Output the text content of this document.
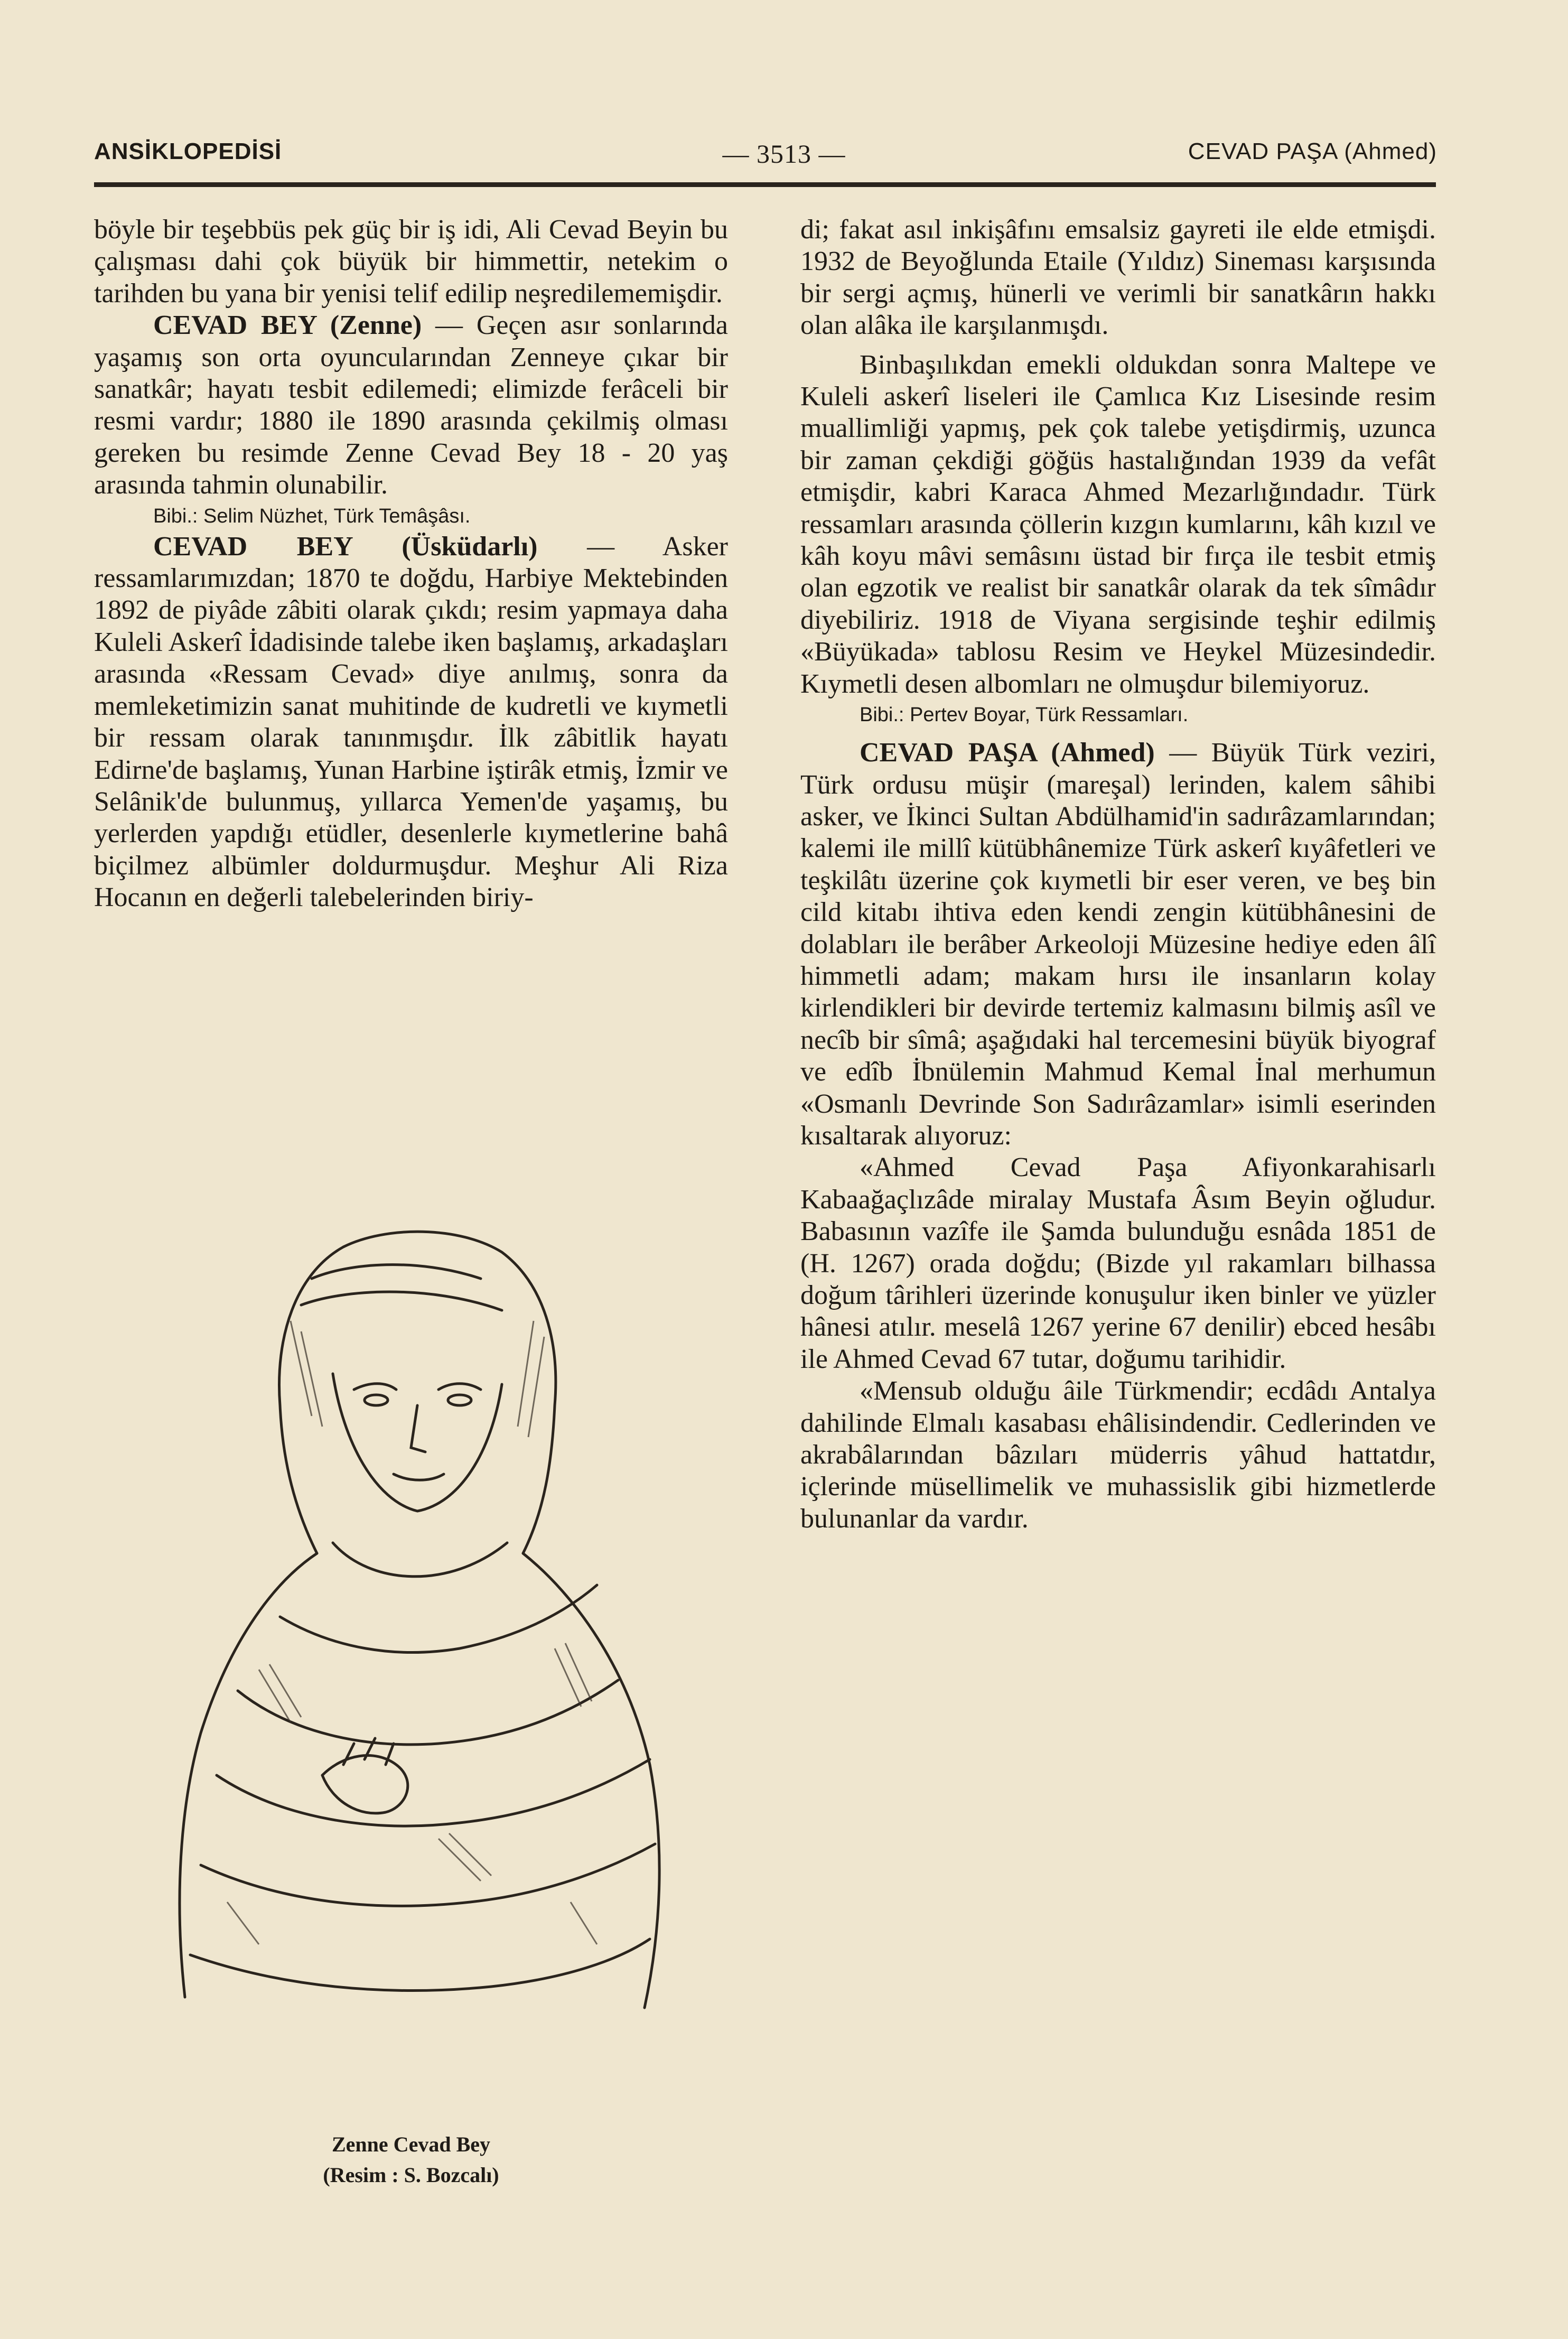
ANSİKLOPEDİSİ	— 3513 —	CEVAD PAŞA (Ahmed)

böyle bir teşebbüs pek güç bir iş idi, Ali Cevad Beyin bu çalışması dahi çok büyük bir himmettir, netekim o tarihden bu yana bir yenisi telif edilip neşredilememişdir.

CEVAD BEY (Zenne) — Geçen asır sonlarında yaşamış son orta oyuncularından Zenneye çıkar bir sanatkâr; hayatı tesbit edilemedi; elimizde ferâceli bir resmi vardır; 1880 ile 1890 arasında çekilmiş olması gereken bu resimde Zenne Cevad Bey 18 - 20 yaş arasında tahmin olunabilir.

Bibi.: Selim Nüzhet, Türk Temâşâsı.

CEVAD BEY (Üsküdarlı) — Asker ressamlarımızdan; 1870 te doğdu, Harbiye Mektebinden 1892 de piyâde zâbiti olarak çıkdı; resim yapmaya daha Kuleli Askerî İdadisinde talebe iken başlamış, arkadaşları arasında «Ressam Cevad» diye anılmış, sonra da memleketimizin sanat muhitinde de kudretli ve kıymetli bir ressam olarak tanınmışdır. İlk zâbitlik hayatı Edirne'de başlamış, Yunan Harbine iştirâk etmiş, İzmir ve Selânik'de bulunmuş, yıllarca Yemen'de yaşamış, bu yerlerden yapdığı etüdler, desenlerle kıymetlerine bahâ biçilmez albümler doldurmuşdur. Meşhur Ali Riza Hocanın en değerli talebelerinden biriy-

Zenne Cevad Bey
(Resim : S. Bozcalı)

di; fakat asıl inkişâfını emsalsiz gayreti ile elde etmişdi. 1932 de Beyoğlunda Etaile (Yıldız) Sineması karşısında bir sergi açmış, hünerli ve verimli bir sanatkârın hakkı olan alâka ile karşılanmışdı.

Binbaşılıkdan emekli oldukdan sonra Maltepe ve Kuleli askerî liseleri ile Çamlıca Kız Lisesinde resim muallimliği yapmış, pek çok talebe yetişdirmiş, uzunca bir zaman çekdiği göğüs hastalığından 1939 da vefât etmişdir, kabri Karaca Ahmed Mezarlığındadır. Türk ressamları arasında çöllerin kızgın kumlarını, kâh kızıl ve kâh koyu mâvi semâsını üstad bir fırça ile tesbit etmiş olan egzotik ve realist bir sanatkâr olarak da tek sîmâdır diyebiliriz. 1918 de Viyana sergisinde teşhir edilmiş «Büyükada» tablosu Resim ve Heykel Müzesindedir. Kıymetli desen albomları ne olmuşdur bilemiyoruz.

Bibi.: Pertev Boyar, Türk Ressamları.

CEVAD PAŞA (Ahmed) — Büyük Türk veziri, Türk ordusu müşir (mareşal) lerinden, kalem sâhibi asker, ve İkinci Sultan Abdülhamid'in sadırâzamlarından; kalemi ile millî kütübhânemize Türk askerî kıyâfetleri ve teşkilâtı üzerine çok kıymetli bir eser veren, ve beş bin cild kitabı ihtiva eden kendi zengin kütübhânesini de dolabları ile berâber Arkeoloji Müzesine hediye eden âlî himmetli adam; makam hırsı ile insanların kolay kirlendikleri bir devirde tertemiz kalmasını bilmiş asîl ve necîb bir sîmâ; aşağıdaki hal tercemesini büyük biyograf ve edîb İbnülemin Mahmud Kemal İnal merhumun «Osmanlı Devrinde Son Sadırâzamlar» isimli eserinden kısaltarak alıyoruz:

«Ahmed Cevad Paşa Afiyonkarahisarlı Kabaağaçlızâde miralay Mustafa Âsım Beyin oğludur. Babasının vazîfe ile Şamda bulunduğu esnâda 1851 de (H. 1267) orada doğdu; (Bizde yıl rakamları bilhassa doğum târihleri üzerinde konuşulur iken binler ve yüzler hânesi atılır. meselâ 1267 yerine 67 denilir) ebced hesâbı ile Ahmed Cevad 67 tutar, doğumu tarihidir.

«Mensub olduğu âile Türkmendir; ecdâdı Antalya dahilinde Elmalı kasabası ehâlisindendir. Cedlerinden ve akrabâlarından bâzıları müderris yâhud hattatdır, içlerinde müsellimelik ve muhassislik gibi hizmetlerde bulunanlar da vardır.
